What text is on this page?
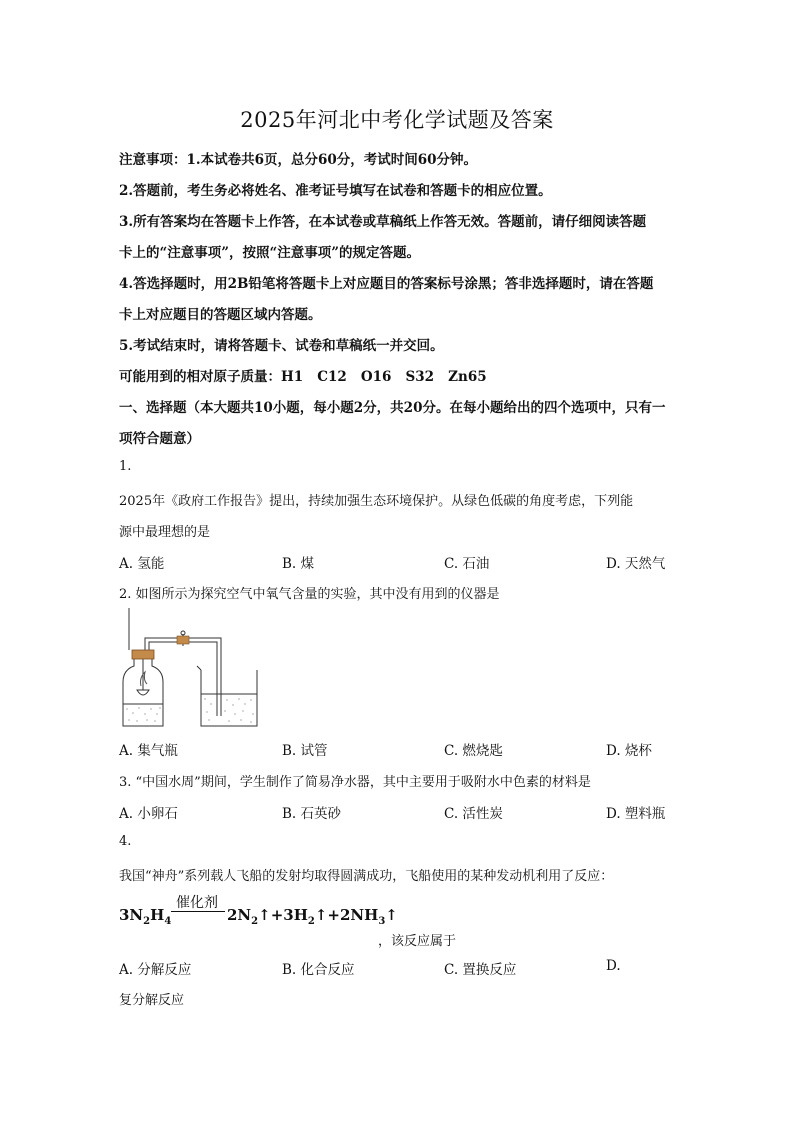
2025年河北中考化学试题及答案
注意事项：1.本试卷共6页，总分60分，考试时间60分钟。
2.答题前，考生务必将姓名、准考证号填写在试卷和答题卡的相应位置。
3.所有答案均在答题卡上作答，在本试卷或草稿纸上作答无效。答题前，请仔细阅读答题
卡上的“注意事项”，按照“注意事项”的规定答题。
4.答选择题时，用2B铅笔将答题卡上对应题目的答案标号涂黑；答非选择题时，请在答题
卡上对应题目的答题区域内答题。
5.考试结束时，请将答题卡、试卷和草稿纸一并交回。
可能用到的相对原子质量：H1   C12   O16   S32   Zn65
一、选择题（本大题共10小题，每小题2分，共20分。在每小题给出的四个选项中，只有一
项符合题意）
1.
2025年《政府工作报告》提出，持续加强生态环境保护。从绿色低碳的角度考虑，下列能
源中最理想的是
A. 氢能	B. 煤	C. 石油	D. 天然气
2. 如图所示为探究空气中氧气含量的实验，其中没有用到的仪器是
A. 集气瓶	B. 试管	C. 燃烧匙	D. 烧杯
3. “中国水周”期间，学生制作了简易净水器，其中主要用于吸附水中色素的材料是
A. 小卵石	B. 石英砂	C. 活性炭	D. 塑料瓶
4.
我国“神舟”系列载人飞船的发射均取得圆满成功，飞船使用的某种发动机利用了反应：
$3N_2H_4$
催化剂
$2N_2↑+3H_2↑+2NH_3↑$
，该反应属于
A. 分解反应	B. 化合反应	C. 置换反应	D.
复分解反应
